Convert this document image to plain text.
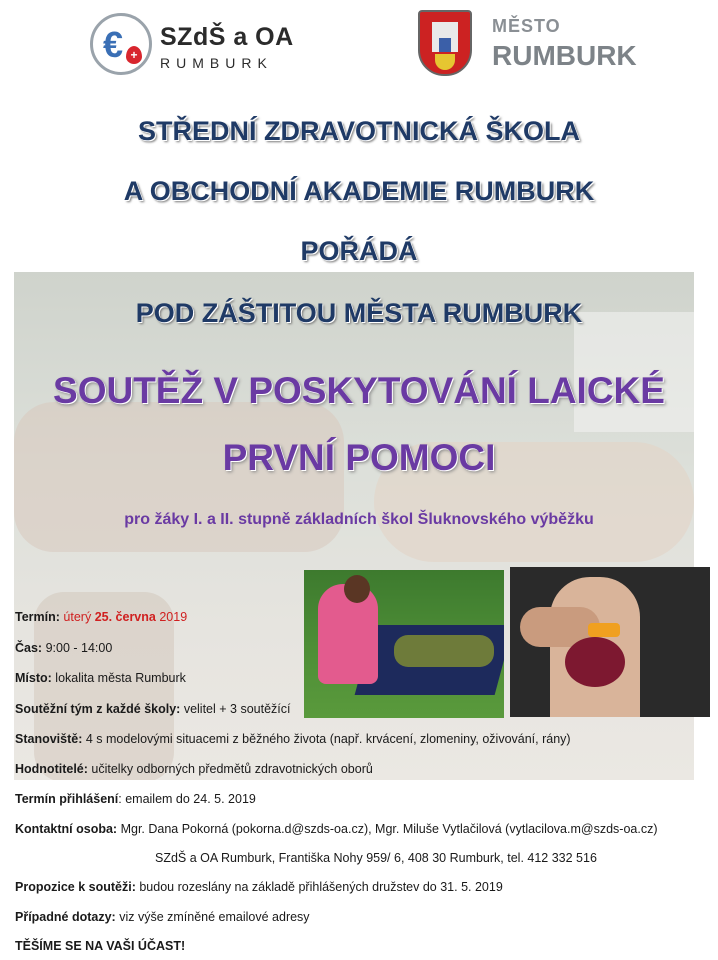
€ +
SZdŠ a OA
RUMBURK
MĚSTO
RUMBURK
STŘEDNÍ ZDRAVOTNICKÁ ŠKOLA
A OBCHODNÍ AKADEMIE RUMBURK
POŘÁDÁ
POD ZÁŠTITOU MĚSTA RUMBURK
SOUTĚŽ V POSKYTOVÁNÍ LAICKÉ
PRVNÍ POMOCI
pro žáky I. a II. stupně základních škol Šluknovského výběžku
Termín: úterý 25. června 2019
Čas: 9:00 - 14:00
Místo: lokalita města Rumburk
Soutěžní tým z každé školy: velitel + 3 soutěžící
Stanoviště: 4 s modelovými situacemi z běžného života (např. krvácení, zlomeniny, oživování, rány)
Hodnotitelé: učitelky odborných předmětů zdravotnických oborů
Termín přihlášení: emailem do 24. 5. 2019
Kontaktní osoba: Mgr. Dana Pokorná (pokorna.d@szds-oa.cz), Mgr. Miluše Vytlačilová (vytlacilova.m@szds-oa.cz)
SZdŠ a OA Rumburk, Františka Nohy 959/ 6, 408 30 Rumburk, tel. 412 332 516
Propozice k soutěži: budou rozeslány na základě přihlášených družstev do 31. 5. 2019
Případné dotazy: viz výše zmíněné emailové adresy
TĚŠÍME SE NA VAŠI ÚČAST!
